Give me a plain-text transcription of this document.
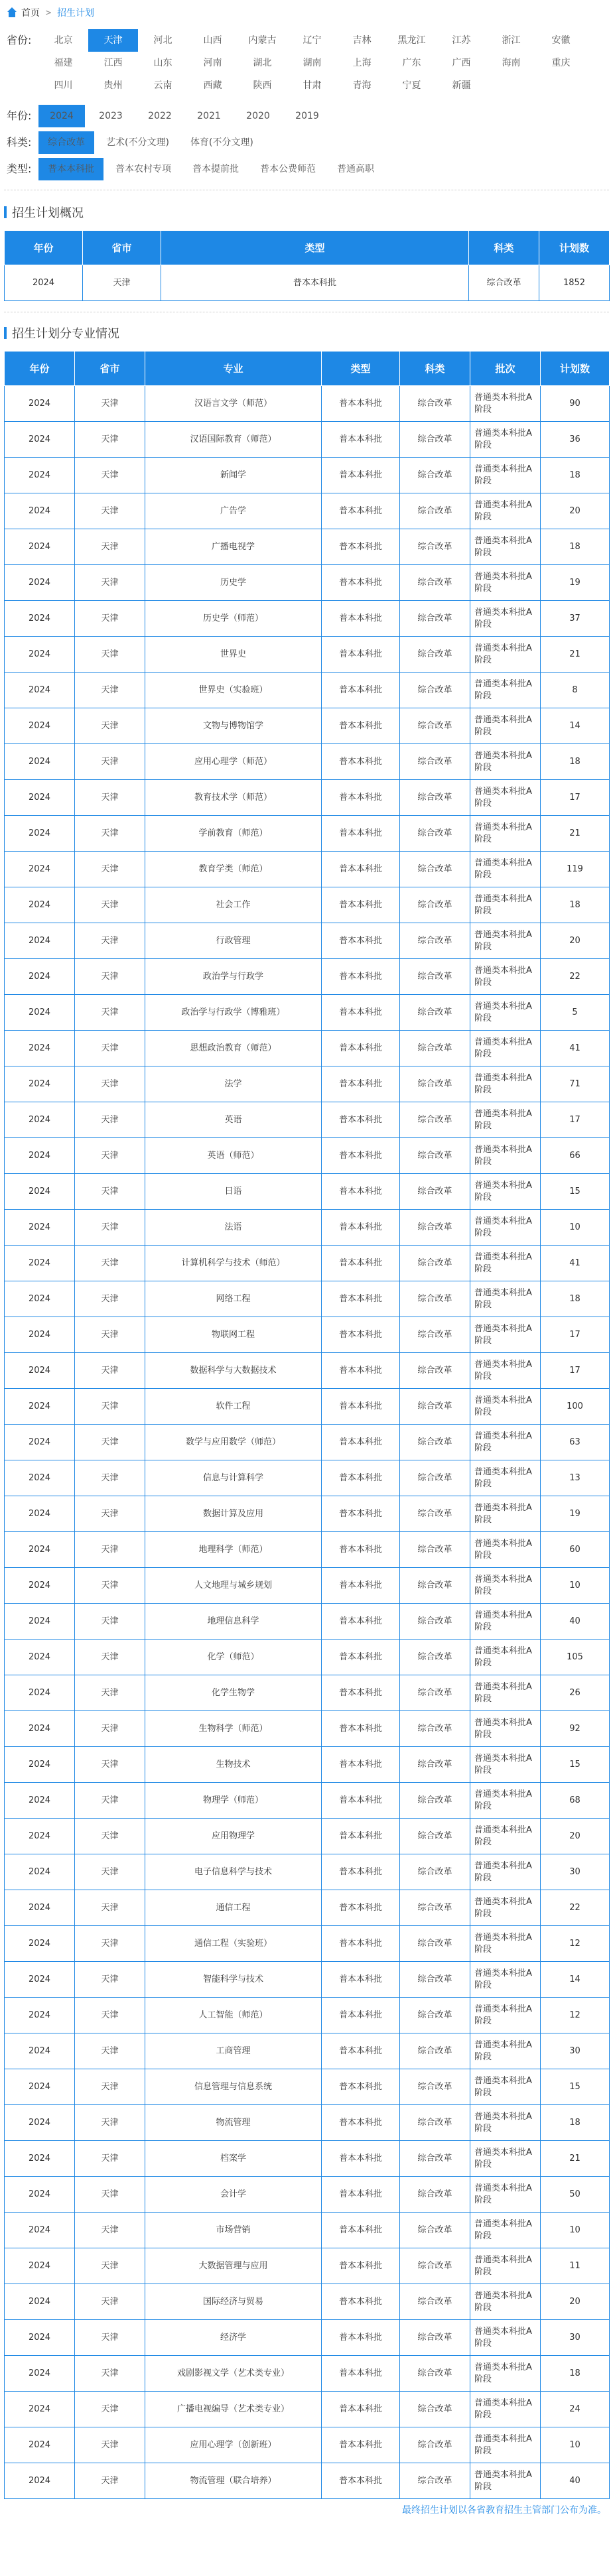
首页 > 招生计划
省份:	北京	天津	河北	山西	内蒙古	辽宁	吉林	黑龙江	江苏	浙江	安徽
福建	江西	山东	河南	湖北	湖南	上海	广东	广西	海南	重庆
四川	贵州	云南	西藏	陕西	甘肃	青海	宁夏	新疆
年份:	2024	2023	2022	2021	2020	2019
科类:	综合改革	艺术(不分文理)	体育(不分文理)
类型:	普本本科批	普本农村专项	普本提前批	普本公费师范	普通高职
招生计划概况
年份	省市	类型	科类	计划数
2024	天津	普本本科批	综合改革	1852
招生计划分专业情况
年份	省市	专业	类型	科类	批次	计划数
2024	天津	汉语言文学（师范）	普本本科批	综合改革	普通类本科批A阶段	90
2024	天津	汉语国际教育（师范）	普本本科批	综合改革	普通类本科批A阶段	36
2024	天津	新闻学	普本本科批	综合改革	普通类本科批A阶段	18
2024	天津	广告学	普本本科批	综合改革	普通类本科批A阶段	20
2024	天津	广播电视学	普本本科批	综合改革	普通类本科批A阶段	18
2024	天津	历史学	普本本科批	综合改革	普通类本科批A阶段	19
2024	天津	历史学（师范）	普本本科批	综合改革	普通类本科批A阶段	37
2024	天津	世界史	普本本科批	综合改革	普通类本科批A阶段	21
2024	天津	世界史（实验班）	普本本科批	综合改革	普通类本科批A阶段	8
2024	天津	文物与博物馆学	普本本科批	综合改革	普通类本科批A阶段	14
2024	天津	应用心理学（师范）	普本本科批	综合改革	普通类本科批A阶段	18
2024	天津	教育技术学（师范）	普本本科批	综合改革	普通类本科批A阶段	17
2024	天津	学前教育（师范）	普本本科批	综合改革	普通类本科批A阶段	21
2024	天津	教育学类（师范）	普本本科批	综合改革	普通类本科批A阶段	119
2024	天津	社会工作	普本本科批	综合改革	普通类本科批A阶段	18
2024	天津	行政管理	普本本科批	综合改革	普通类本科批A阶段	20
2024	天津	政治学与行政学	普本本科批	综合改革	普通类本科批A阶段	22
2024	天津	政治学与行政学（博雅班）	普本本科批	综合改革	普通类本科批A阶段	5
2024	天津	思想政治教育（师范）	普本本科批	综合改革	普通类本科批A阶段	41
2024	天津	法学	普本本科批	综合改革	普通类本科批A阶段	71
2024	天津	英语	普本本科批	综合改革	普通类本科批A阶段	17
2024	天津	英语（师范）	普本本科批	综合改革	普通类本科批A阶段	66
2024	天津	日语	普本本科批	综合改革	普通类本科批A阶段	15
2024	天津	法语	普本本科批	综合改革	普通类本科批A阶段	10
2024	天津	计算机科学与技术（师范）	普本本科批	综合改革	普通类本科批A阶段	41
2024	天津	网络工程	普本本科批	综合改革	普通类本科批A阶段	18
2024	天津	物联网工程	普本本科批	综合改革	普通类本科批A阶段	17
2024	天津	数据科学与大数据技术	普本本科批	综合改革	普通类本科批A阶段	17
2024	天津	软件工程	普本本科批	综合改革	普通类本科批A阶段	100
2024	天津	数学与应用数学（师范）	普本本科批	综合改革	普通类本科批A阶段	63
2024	天津	信息与计算科学	普本本科批	综合改革	普通类本科批A阶段	13
2024	天津	数据计算及应用	普本本科批	综合改革	普通类本科批A阶段	19
2024	天津	地理科学（师范）	普本本科批	综合改革	普通类本科批A阶段	60
2024	天津	人文地理与城乡规划	普本本科批	综合改革	普通类本科批A阶段	10
2024	天津	地理信息科学	普本本科批	综合改革	普通类本科批A阶段	40
2024	天津	化学（师范）	普本本科批	综合改革	普通类本科批A阶段	105
2024	天津	化学生物学	普本本科批	综合改革	普通类本科批A阶段	26
2024	天津	生物科学（师范）	普本本科批	综合改革	普通类本科批A阶段	92
2024	天津	生物技术	普本本科批	综合改革	普通类本科批A阶段	15
2024	天津	物理学（师范）	普本本科批	综合改革	普通类本科批A阶段	68
2024	天津	应用物理学	普本本科批	综合改革	普通类本科批A阶段	20
2024	天津	电子信息科学与技术	普本本科批	综合改革	普通类本科批A阶段	30
2024	天津	通信工程	普本本科批	综合改革	普通类本科批A阶段	22
2024	天津	通信工程（实验班）	普本本科批	综合改革	普通类本科批A阶段	12
2024	天津	智能科学与技术	普本本科批	综合改革	普通类本科批A阶段	14
2024	天津	人工智能（师范）	普本本科批	综合改革	普通类本科批A阶段	12
2024	天津	工商管理	普本本科批	综合改革	普通类本科批A阶段	30
2024	天津	信息管理与信息系统	普本本科批	综合改革	普通类本科批A阶段	15
2024	天津	物流管理	普本本科批	综合改革	普通类本科批A阶段	18
2024	天津	档案学	普本本科批	综合改革	普通类本科批A阶段	21
2024	天津	会计学	普本本科批	综合改革	普通类本科批A阶段	50
2024	天津	市场营销	普本本科批	综合改革	普通类本科批A阶段	10
2024	天津	大数据管理与应用	普本本科批	综合改革	普通类本科批A阶段	11
2024	天津	国际经济与贸易	普本本科批	综合改革	普通类本科批A阶段	20
2024	天津	经济学	普本本科批	综合改革	普通类本科批A阶段	30
2024	天津	戏剧影视文学（艺术类专业）	普本本科批	综合改革	普通类本科批A阶段	18
2024	天津	广播电视编导（艺术类专业）	普本本科批	综合改革	普通类本科批A阶段	24
2024	天津	应用心理学（创新班）	普本本科批	综合改革	普通类本科批A阶段	10
2024	天津	物流管理（联合培养）	普本本科批	综合改革	普通类本科批A阶段	40
最终招生计划以各省教育招生主管部门公布为准。
